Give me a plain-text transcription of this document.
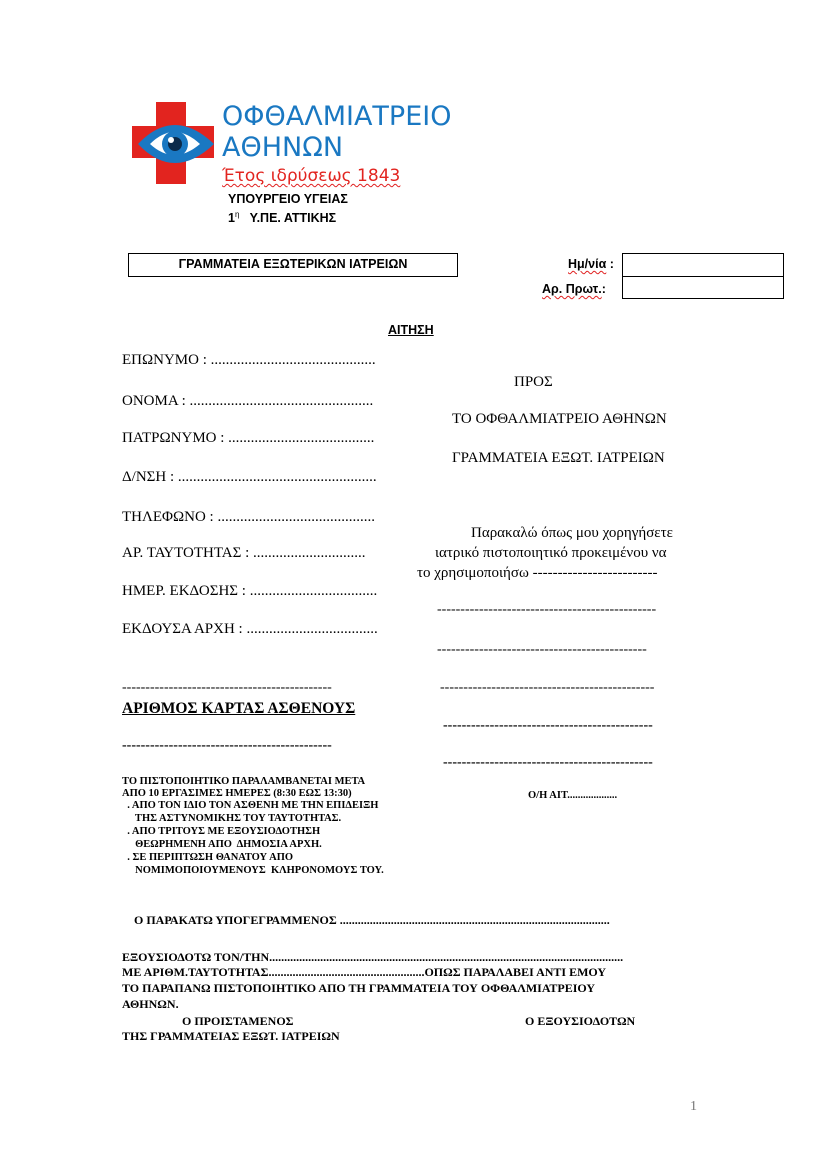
ΟΦΘΑΛΜΙΑΤΡΕΙΟ
ΑΘΗΝΩΝ
Έτος ιδρύσεως 1843
ΥΠΟΥΡΓΕΙΟ ΥΓΕΙΑΣ
$1^\eta$ Υ.ΠΕ. ΑΤΤΙΚΗΣ
ΓΡΑΜΜΑΤΕΙΑ ΕΞΩΤΕΡΙΚΩΝ ΙΑΤΡΕΙΩΝ	Ημ/νία :
Αρ. Πρωτ.:
ΑΙΤΗΣΗ
ΕΠΩΝΥΜΟ : ............................................
ΟΝΟΜΑ : .................................................
ΠΑΤΡΩΝΥΜΟ : .......................................
Δ/ΝΣΗ : .....................................................
ΤΗΛΕΦΩΝΟ : ..........................................
ΑΡ. ΤΑΥΤΟΤΗΤΑΣ : ..............................
ΗΜΕΡ. ΕΚΔΟΣΗΣ : ..................................
ΕΚΔΟΥΣΑ ΑΡΧΗ : ...................................
---------------------------------------------
ΑΡΙΘΜΟΣ ΚΑΡΤΑΣ ΑΣΘΕΝΟΥΣ
---------------------------------------------
ΠΡΟΣ
ΤΟ ΟΦΘΑΛΜΙΑΤΡΕΙΟ ΑΘΗΝΩΝ
ΓΡΑΜΜΑΤΕΙΑ ΕΞΩΤ. ΙΑΤΡΕΙΩΝ
Παρακαλώ όπως μου χορηγήσετε
ιατρικό πιστοποιητικό προκειμένου να
το χρησιμοποιήσω -------------------------
-----------------------------------------------
---------------------------------------------
----------------------------------------------
---------------------------------------------
---------------------------------------------
ΤΟ ΠΙΣΤΟΠΟΙΗΤΙΚΟ ΠΑΡΑΛΑΜΒΑΝΕΤΑΙ ΜΕΤΑ
ΑΠΟ 10 ΕΡΓΑΣΙΜΕΣ ΗΜΕΡΕΣ (8:30 ΕΩΣ 13:30)
. ΑΠΟ ΤΟΝ ΙΔΙΟ ΤΟΝ ΑΣΘΕΝΗ ΜΕ ΤΗΝ ΕΠΙΔΕΙΞΗ
ΤΗΣ ΑΣΤΥΝΟΜΙΚΗΣ ΤΟΥ ΤΑΥΤΟΤΗΤΑΣ.
. ΑΠΟ ΤΡΙΤΟΥΣ ΜΕ ΕΞΟΥΣΙΟΔΟΤΗΣΗ
ΘΕΩΡΗΜΕΝΗ ΑΠΟ  ΔΗΜΟΣΙΑ ΑΡΧΗ.
. ΣΕ ΠΕΡΙΠΤΩΣΗ ΘΑΝΑΤΟΥ ΑΠΟ
ΝΟΜΙΜΟΠΟΙΟΥΜΕΝΟΥΣ  ΚΛΗΡΟΝΟΜΟΥΣ ΤΟΥ.
Ο/Η ΑΙΤ...................
Ο ΠΑΡΑΚΑΤΩ ΥΠΟΓΕΓΡΑΜΜΕΝΟΣ ..........................................................................................
ΕΞΟΥΣΙΟΔΟΤΩ ΤΟΝ/ΤΗΝ......................................................................................................................
ΜΕ ΑΡΙΘΜ.ΤΑΥΤΟΤΗΤΑΣ....................................................ΟΠΩΣ ΠΑΡΑΛΑΒΕΙ ΑΝΤΙ ΕΜΟΥ
ΤΟ ΠΑΡΑΠΑΝΩ ΠΙΣΤΟΠΟΙΗΤΙΚΟ ΑΠΟ ΤΗ ΓΡΑΜΜΑΤΕΙΑ ΤΟΥ ΟΦΘΑΛΜΙΑΤΡΕΙΟΥ
ΑΘΗΝΩΝ.
Ο ΠΡΟΙΣΤΑΜΕΝΟΣ
ΤΗΣ ΓΡΑΜΜΑΤΕΙΑΣ ΕΞΩΤ. ΙΑΤΡΕΙΩΝ
Ο ΕΞΟΥΣΙΟΔΟΤΩΝ
1
